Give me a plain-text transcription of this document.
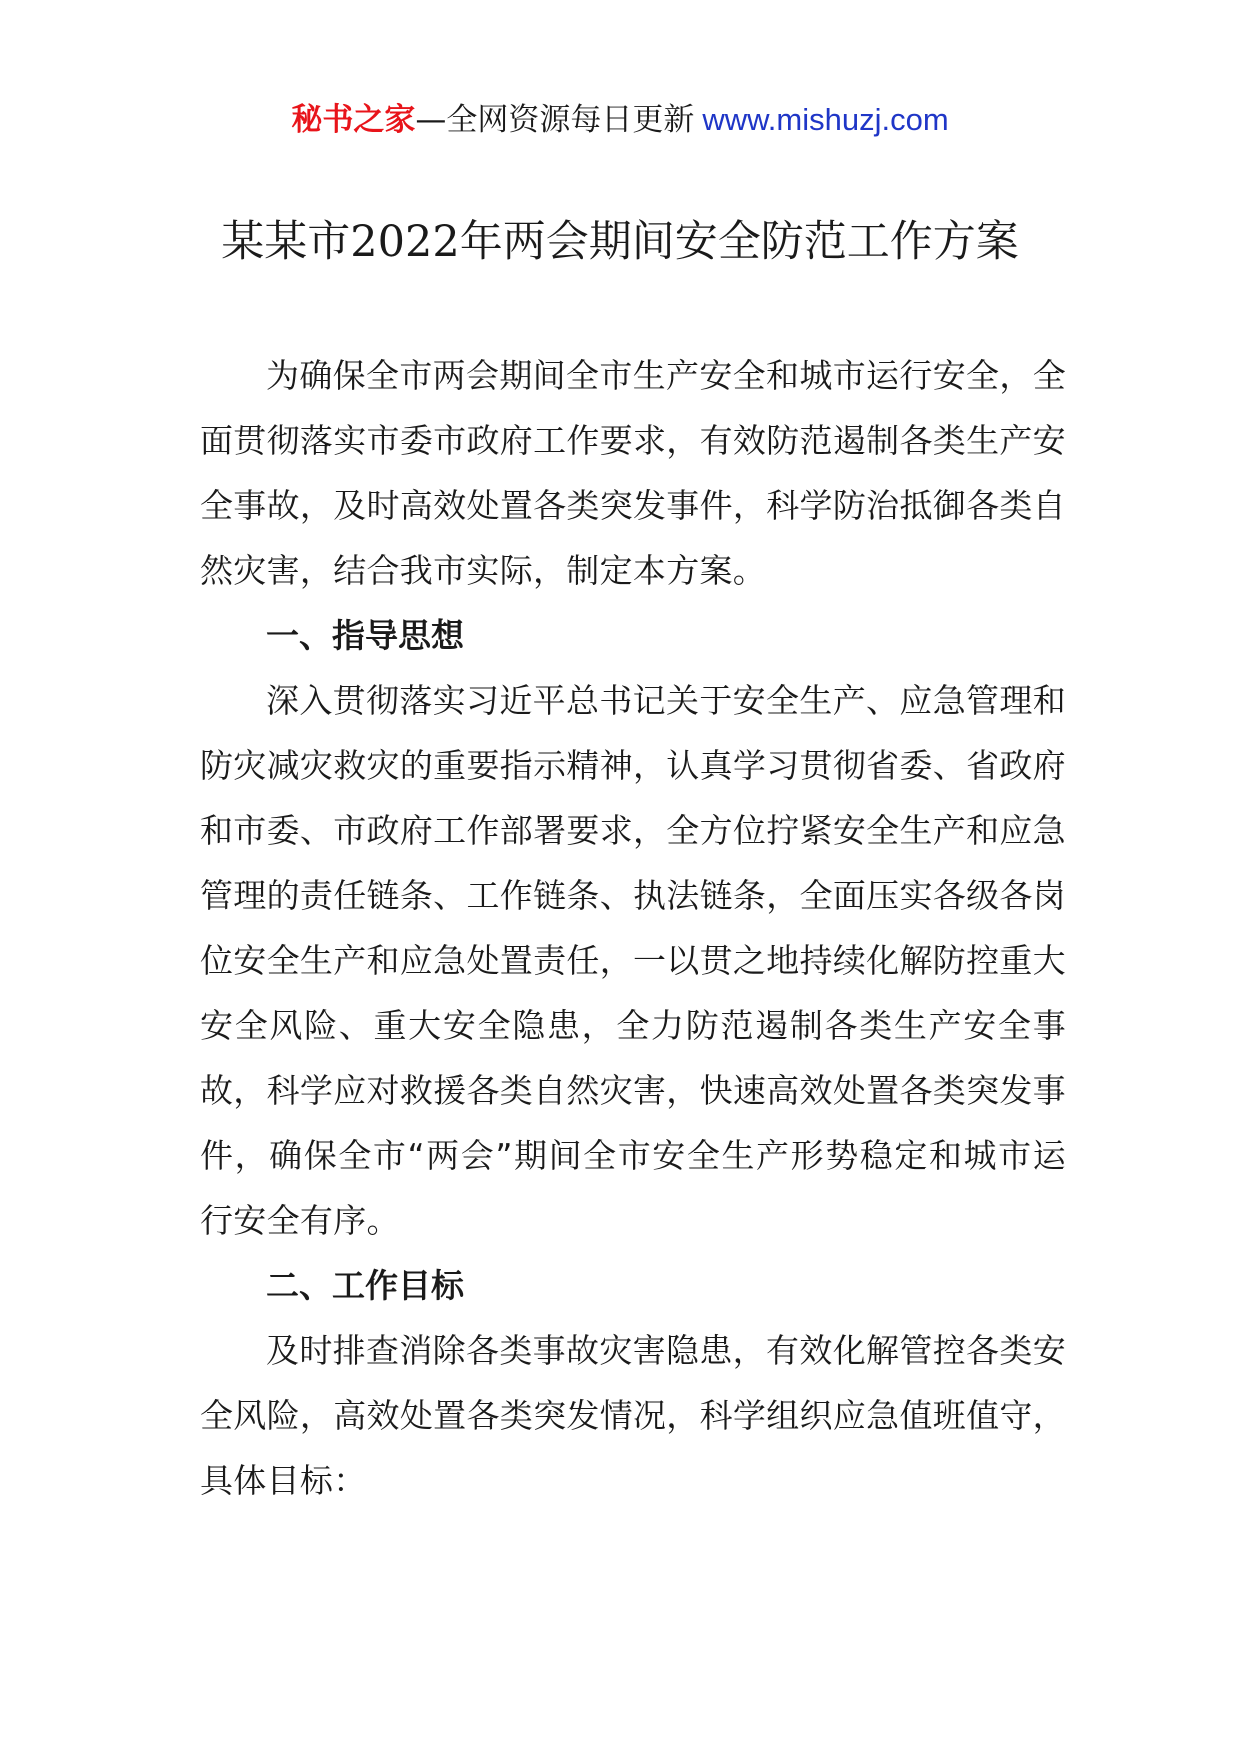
秘书之家—全网资源每日更新 www.mishuzj.com
某某市2022年两会期间安全防范工作方案

为确保全市两会期间全市生产安全和城市运行安全，全面贯彻落实市委市政府工作要求，有效防范遏制各类生产安全事故，及时高效处置各类突发事件，科学防治抵御各类自然灾害，结合我市实际，制定本方案。

一、指导思想

深入贯彻落实习近平总书记关于安全生产、应急管理和防灾减灾救灾的重要指示精神，认真学习贯彻省委、省政府和市委、市政府工作部署要求，全方位拧紧安全生产和应急管理的责任链条、工作链条、执法链条，全面压实各级各岗位安全生产和应急处置责任，一以贯之地持续化解防控重大安全风险、重大安全隐患，全力防范遏制各类生产安全事故，科学应对救援各类自然灾害，快速高效处置各类突发事件，确保全市“两会”期间全市安全生产形势稳定和城市运行安全有序。

二、工作目标

及时排查消除各类事故灾害隐患，有效化解管控各类安全风险，高效处置各类突发情况，科学组织应急值班值守，具体目标：
